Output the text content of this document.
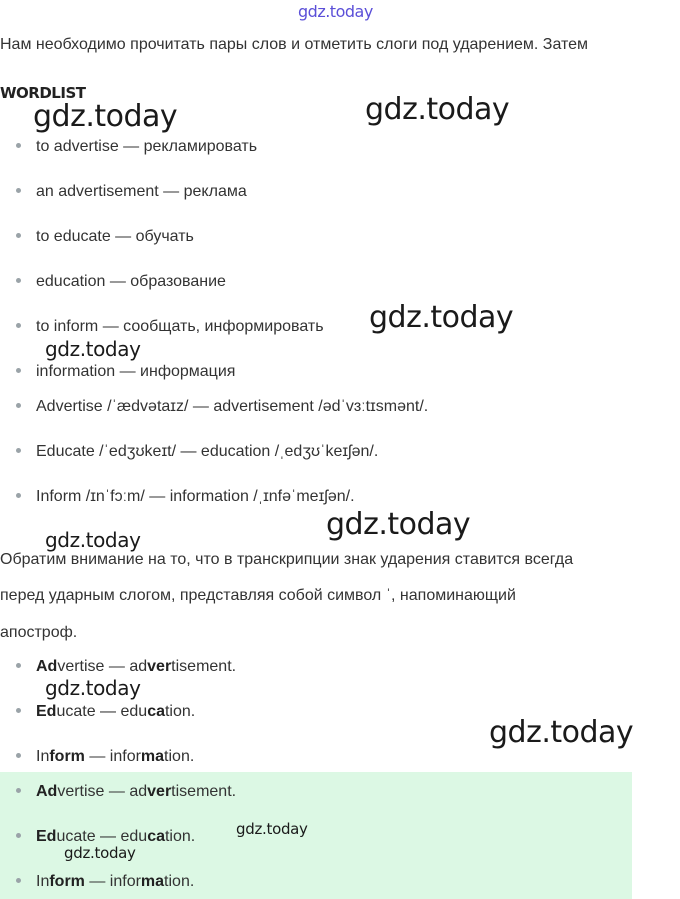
gdz.today
gdz.today	gdz.today
gdz.today
gdz.today
gdz.today
gdz.today
gdz.today
gdz.today
Нам необходимо прочитать пары слов и отметить слоги под ударением. Затем
WORDLIST
to advertise — рекламировать
an advertisement — реклама
to educate — обучать
education — образование
to inform — сообщать, информировать
information — информация
Advertise /ˈædvətaɪz/ — advertisement /ədˈvɜːtɪsmənt/.
Educate /ˈedʒʊkeɪt/ — education /ˌedʒʊˈkeɪʃən/.
Inform /ɪnˈfɔːm/ — information /ˌɪnfəˈmeɪʃən/.
Обратим внимание на то, что в транскрипции знак ударения ставится всегда
перед ударным слогом, представляя собой символ ˈ, напоминающий
апостроф.
Advertise — advertisement.
Educate — education.
Inform — information.
Advertise — advertisement.
Educate — education.
Inform — information.
gdz.today
gdz.today
